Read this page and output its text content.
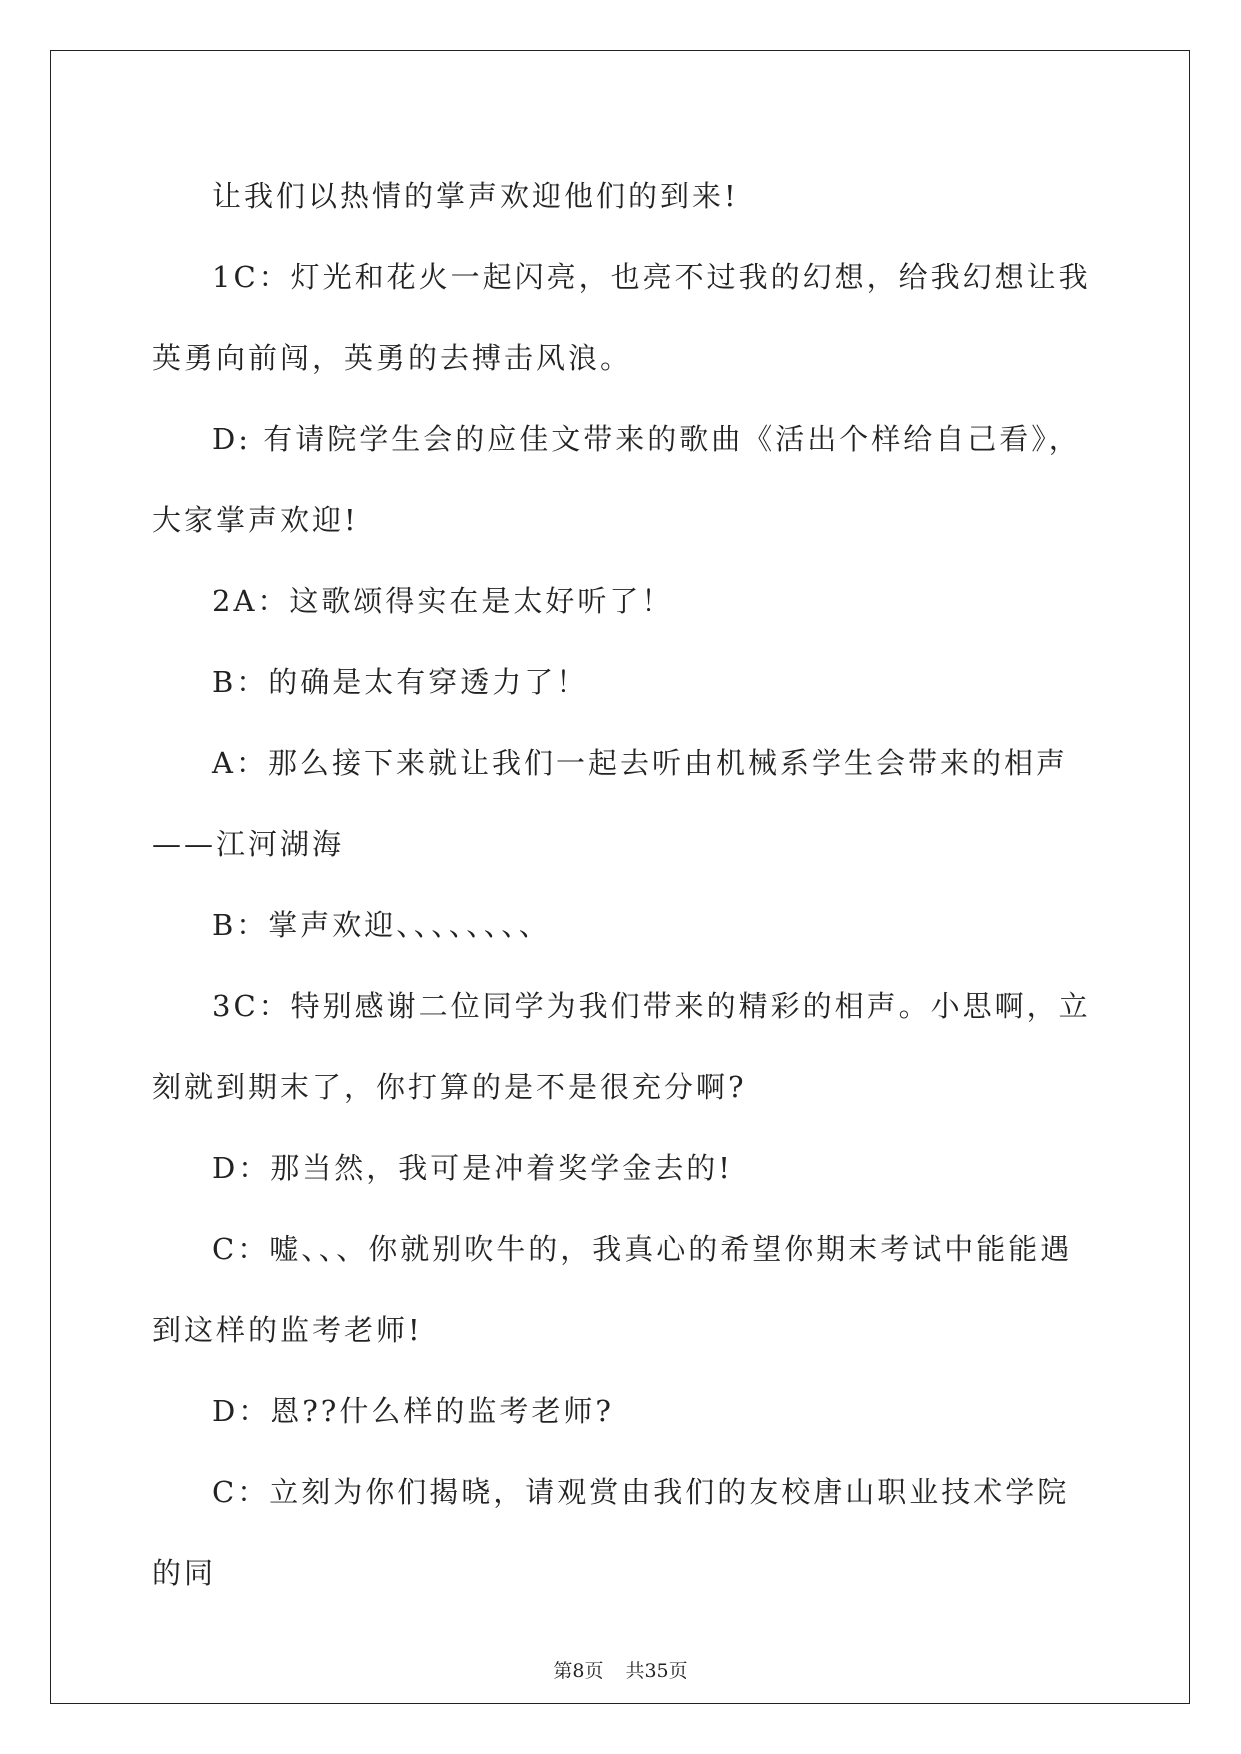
让我们以热情的掌声欢迎他们的到来!

1C：灯光和花火一起闪亮，也亮不过我的幻想，给我幻想让我英勇向前闯，英勇的去搏击风浪。

D: 有请院学生会的应佳文带来的歌曲《活出个样给自己看》，大家掌声欢迎!

2A：这歌颂得实在是太好听了！

B：的确是太有穿透力了！

A：那么接下来就让我们一起去听由机械系学生会带来的相声——江河湖海

B：掌声欢迎、、、、、、、、

3C：特别感谢二位同学为我们带来的精彩的相声。小思啊，立刻就到期末了，你打算的是不是很充分啊?

D：那当然，我可是冲着奖学金去的!

C：嘘、、、你就别吹牛的，我真心的希望你期末考试中能能遇到这样的监考老师!

D：恩??什么样的监考老师?

C：立刻为你们揭晓，请观赏由我们的友校唐山职业技术学院的同

第8页 共35页
